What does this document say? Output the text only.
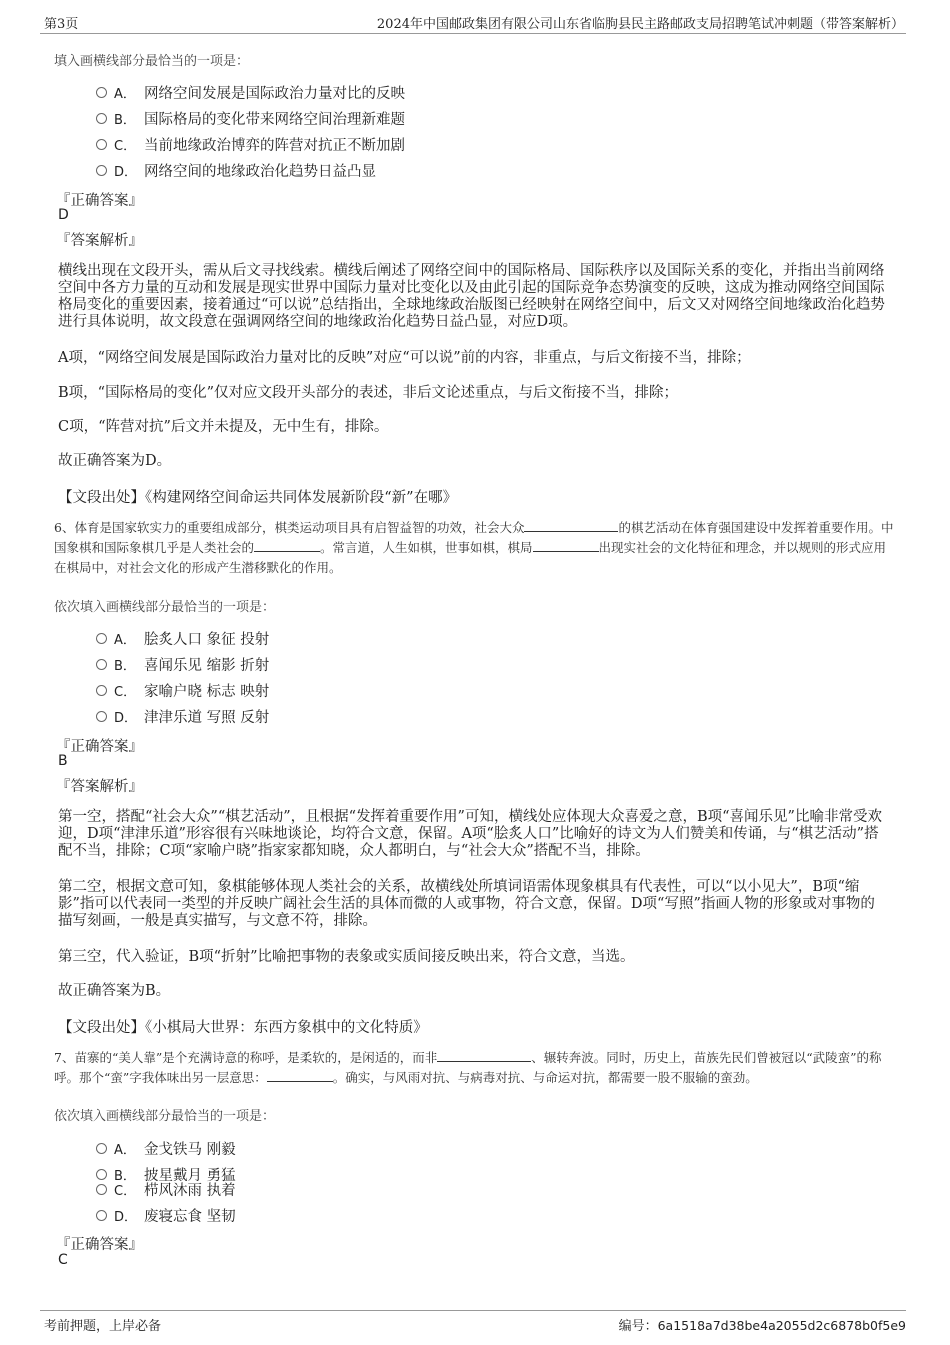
第3页	2024年中国邮政集团有限公司山东省临朐县民主路邮政支局招聘笔试冲刺题（带答案解析）
填入画横线部分最恰当的一项是：
A． 网络空间发展是国际政治力量对比的反映
B． 国际格局的变化带来网络空间治理新难题
C． 当前地缘政治博弈的阵营对抗正不断加剧
D． 网络空间的地缘政治化趋势日益凸显
『正确答案』
D
『答案解析』
横线出现在文段开头，需从后文寻找线索。横线后阐述了网络空间中的国际格局、国际秩序以及国际关系的变化，并指出当前网络空间中各方力量的互动和发展是现实世界中国际力量对比变化以及由此引起的国际竞争态势演变的反映，这成为推动网络空间国际格局变化的重要因素，接着通过“可以说”总结指出，全球地缘政治版图已经映射在网络空间中，后文又对网络空间地缘政治化趋势进行具体说明，故文段意在强调网络空间的地缘政治化趋势日益凸显，对应D项。
A项，“网络空间发展是国际政治力量对比的反映”对应“可以说”前的内容，非重点，与后文衔接不当，排除；
B项，“国际格局的变化”仅对应文段开头部分的表述，非后文论述重点，与后文衔接不当，排除；
C项，“阵营对抗”后文并未提及，无中生有，排除。
故正确答案为D。
【文段出处】《构建网络空间命运共同体发展新阶段“新”在哪》
6、体育是国家软实力的重要组成部分，棋类运动项目具有启智益智的功效，社会大众	的棋艺活动在体育强国建设中发挥着重要作用。中国象棋和国际象棋几乎是人类社会的	。常言道，人生如棋，世事如棋，棋局	出现实社会的文化特征和理念，并以规则的形式应用在棋局中，对社会文化的形成产生潜移默化的作用。
依次填入画横线部分最恰当的一项是：
A． 脍炙人口 象征 投射
B． 喜闻乐见 缩影 折射
C． 家喻户晓 标志 映射
D． 津津乐道 写照 反射
『正确答案』
B
『答案解析』
第一空，搭配“社会大众”“棋艺活动”，且根据“发挥着重要作用”可知，横线处应体现大众喜爱之意，B项“喜闻乐见”比喻非常受欢迎，D项“津津乐道”形容很有兴味地谈论，均符合文意，保留。A项“脍炙人口”比喻好的诗文为人们赞美和传诵，与“棋艺活动”搭配不当，排除；C项“家喻户晓”指家家都知晓，众人都明白，与“社会大众”搭配不当，排除。
第二空，根据文意可知，象棋能够体现人类社会的关系，故横线处所填词语需体现象棋具有代表性，可以“以小见大”，B项“缩影”指可以代表同一类型的并反映广阔社会生活的具体而微的人或事物，符合文意，保留。D项“写照”指画人物的形象或对事物的描写刻画，一般是真实描写，与文意不符，排除。
第三空，代入验证，B项“折射”比喻把事物的表象或实质间接反映出来，符合文意，当选。
故正确答案为B。
【文段出处】《小棋局大世界：东西方象棋中的文化特质》
7、苗寨的“美人靠”是个充满诗意的称呼，是柔软的，是闲适的，而非	、辗转奔波。同时，历史上，苗族先民们曾被冠以“武陵蛮”的称呼。那个“蛮”字我体味出另一层意思：	。确实，与风雨对抗、与病毒对抗、与命运对抗，都需要一股不服输的蛮劲。
依次填入画横线部分最恰当的一项是：
A． 金戈铁马 刚毅
B． 披星戴月 勇猛
C． 栉风沐雨 执着
D． 废寝忘食 坚韧
『正确答案』
C
考前押题，上岸必备	编号：6a1518a7d38be4a2055d2c6878b0f5e9
